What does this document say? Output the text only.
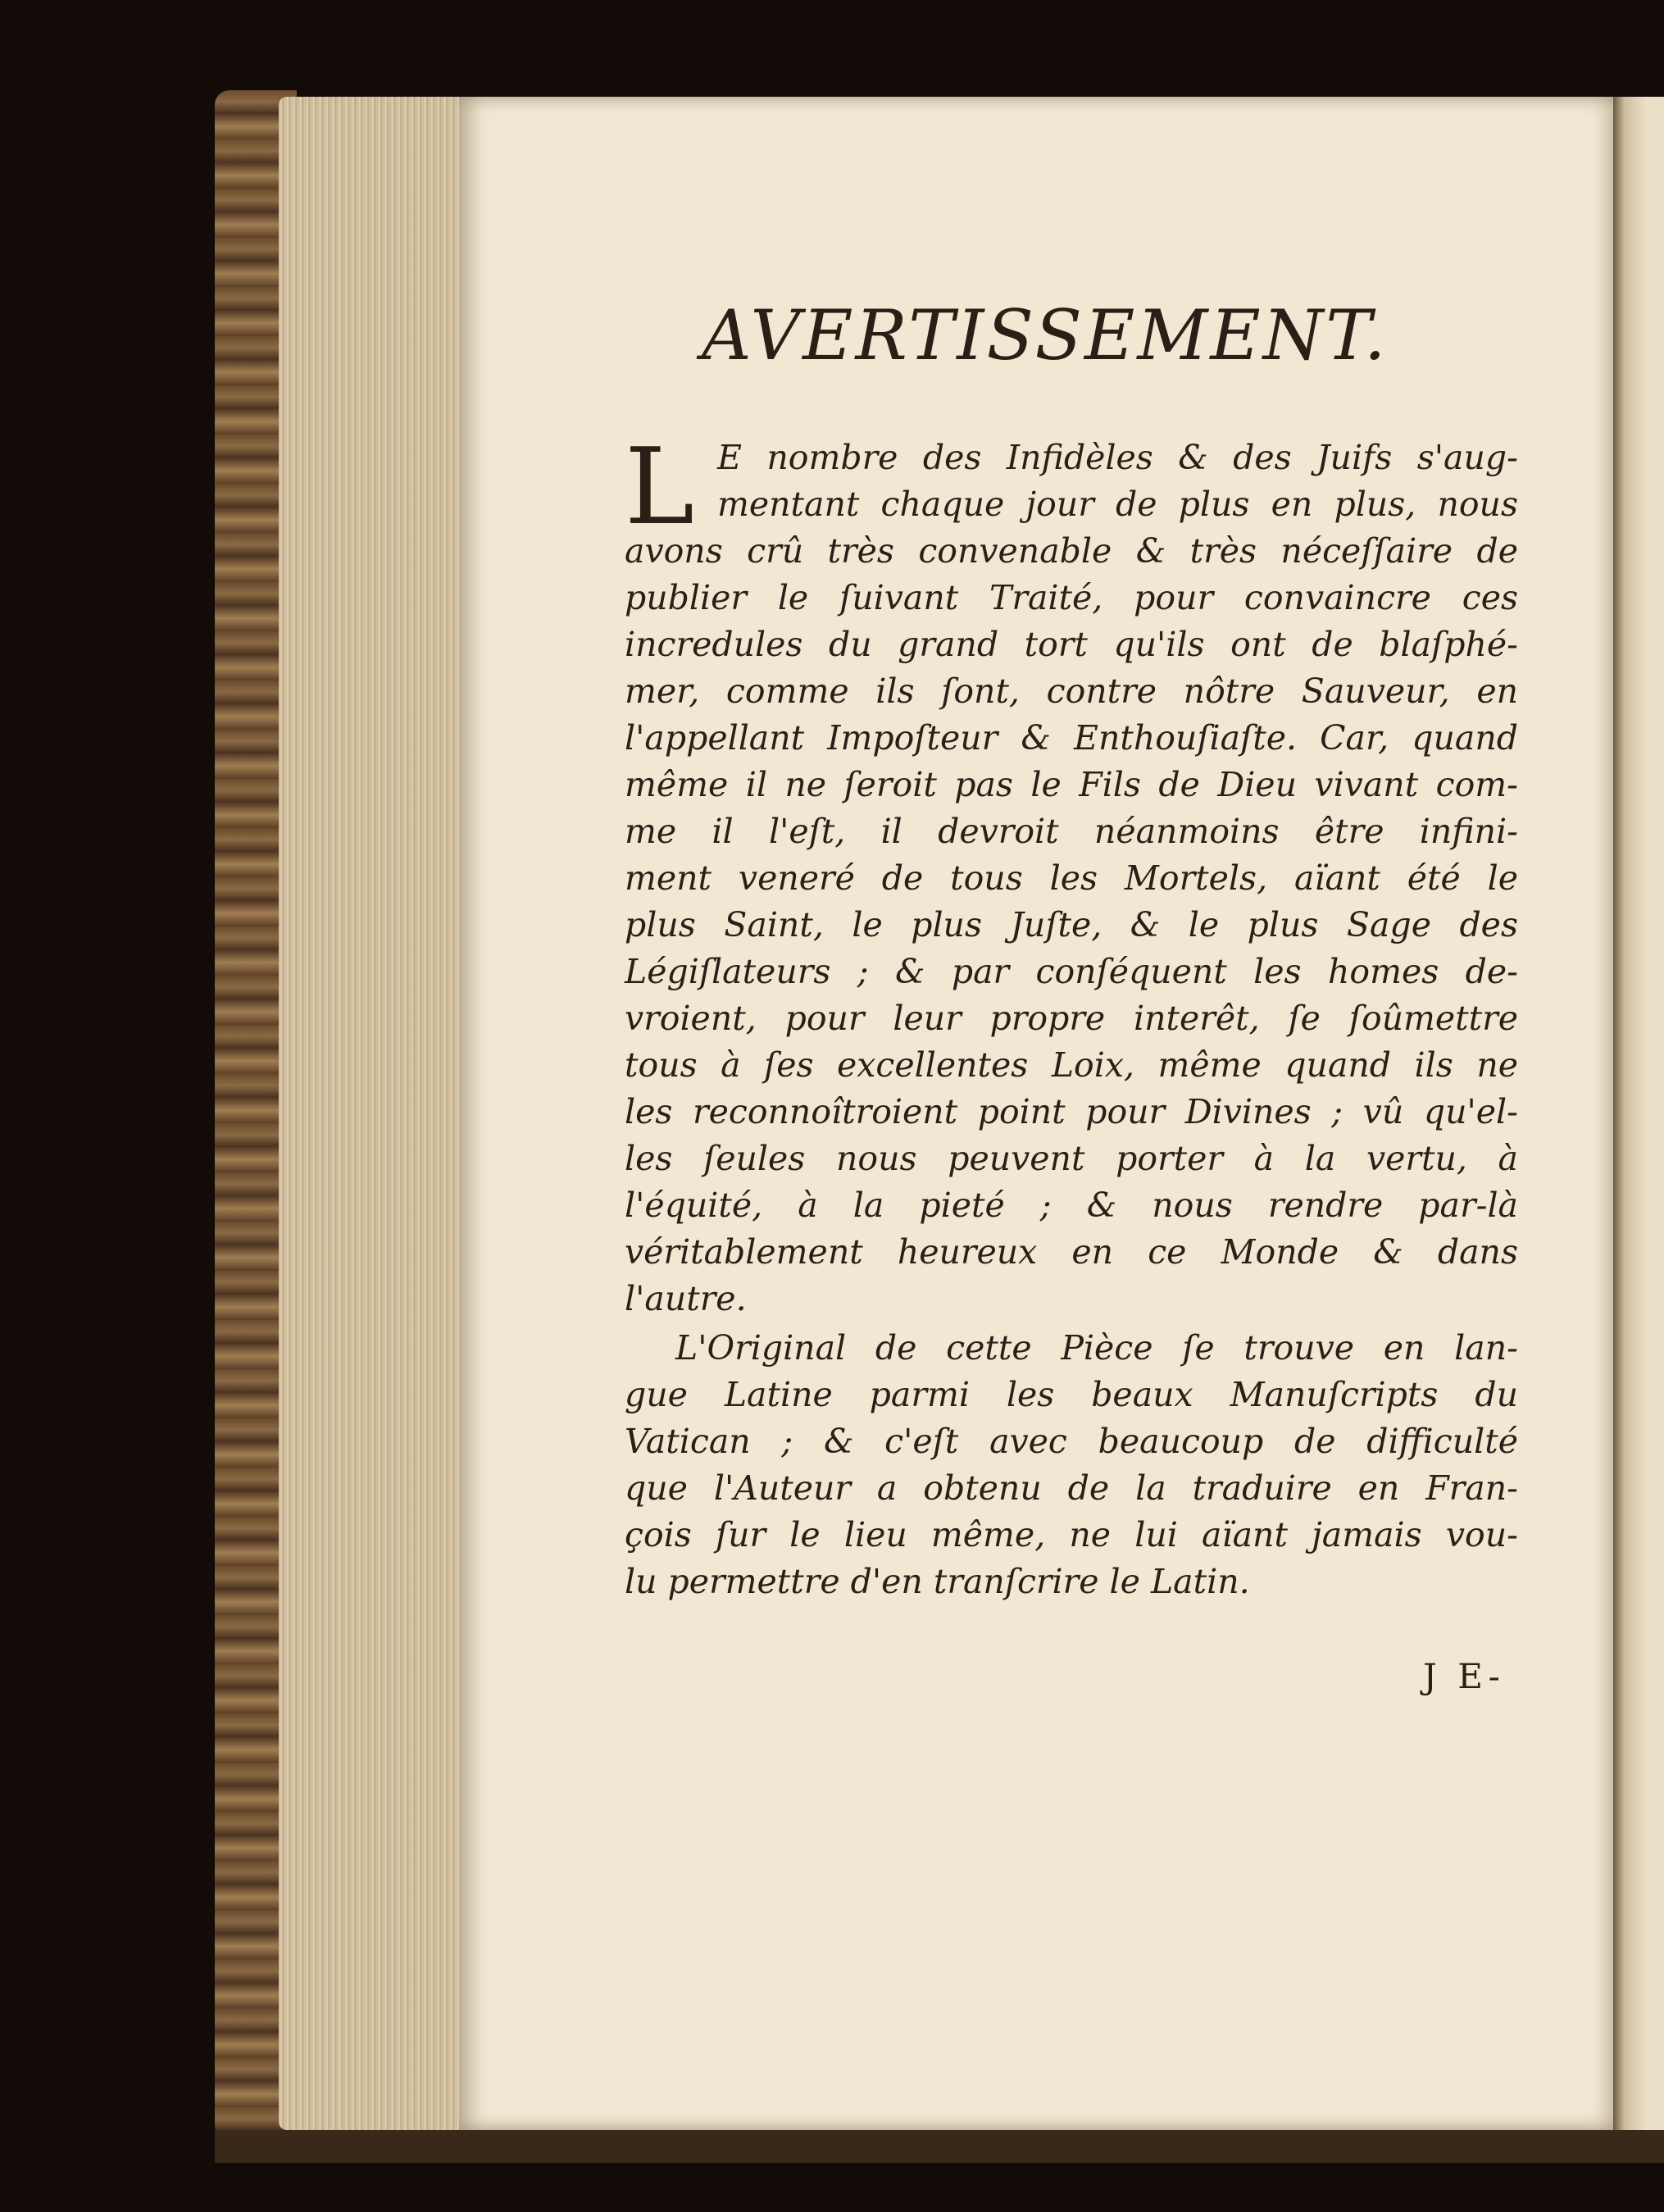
AVERTISSEMENT.
L E nombre des Infidèles & des Juifs s'aug-
mentant chaque jour de plus en plus, nous
avons crû très convenable & très néceſſaire de
publier le ſuivant Traité, pour convaincre ces
incredules du grand tort qu'ils ont de blaſphé-
mer, comme ils ſont, contre nôtre Sauveur, en
l'appellant Impoſteur & Enthouſiaſte. Car, quand
même il ne ſeroit pas le Fils de Dieu vivant com-
me il l'eſt, il devroit néanmoins être infini-
ment veneré de tous les Mortels, aïant été le
plus Saint, le plus Juſte, & le plus Sage des
Légiſlateurs ; & par conſéquent les homes de-
vroient, pour leur propre interêt, ſe ſoûmettre
tous à ſes excellentes Loix, même quand ils ne
les reconnoîtroient point pour Divines ; vû qu'el-
les ſeules nous peuvent porter à la vertu, à
l'équité, à la pieté ; & nous rendre par-là
véritablement heureux en ce Monde & dans
l'autre.
L'Original de cette Pièce ſe trouve en lan-
gue Latine parmi les beaux Manuſcripts du
Vatican ; & c'eſt avec beaucoup de difficulté
que l'Auteur a obtenu de la traduire en Fran-
çois ſur le lieu même, ne lui aïant jamais vou-
lu permettre d'en tranſcrire le Latin.
J E-
